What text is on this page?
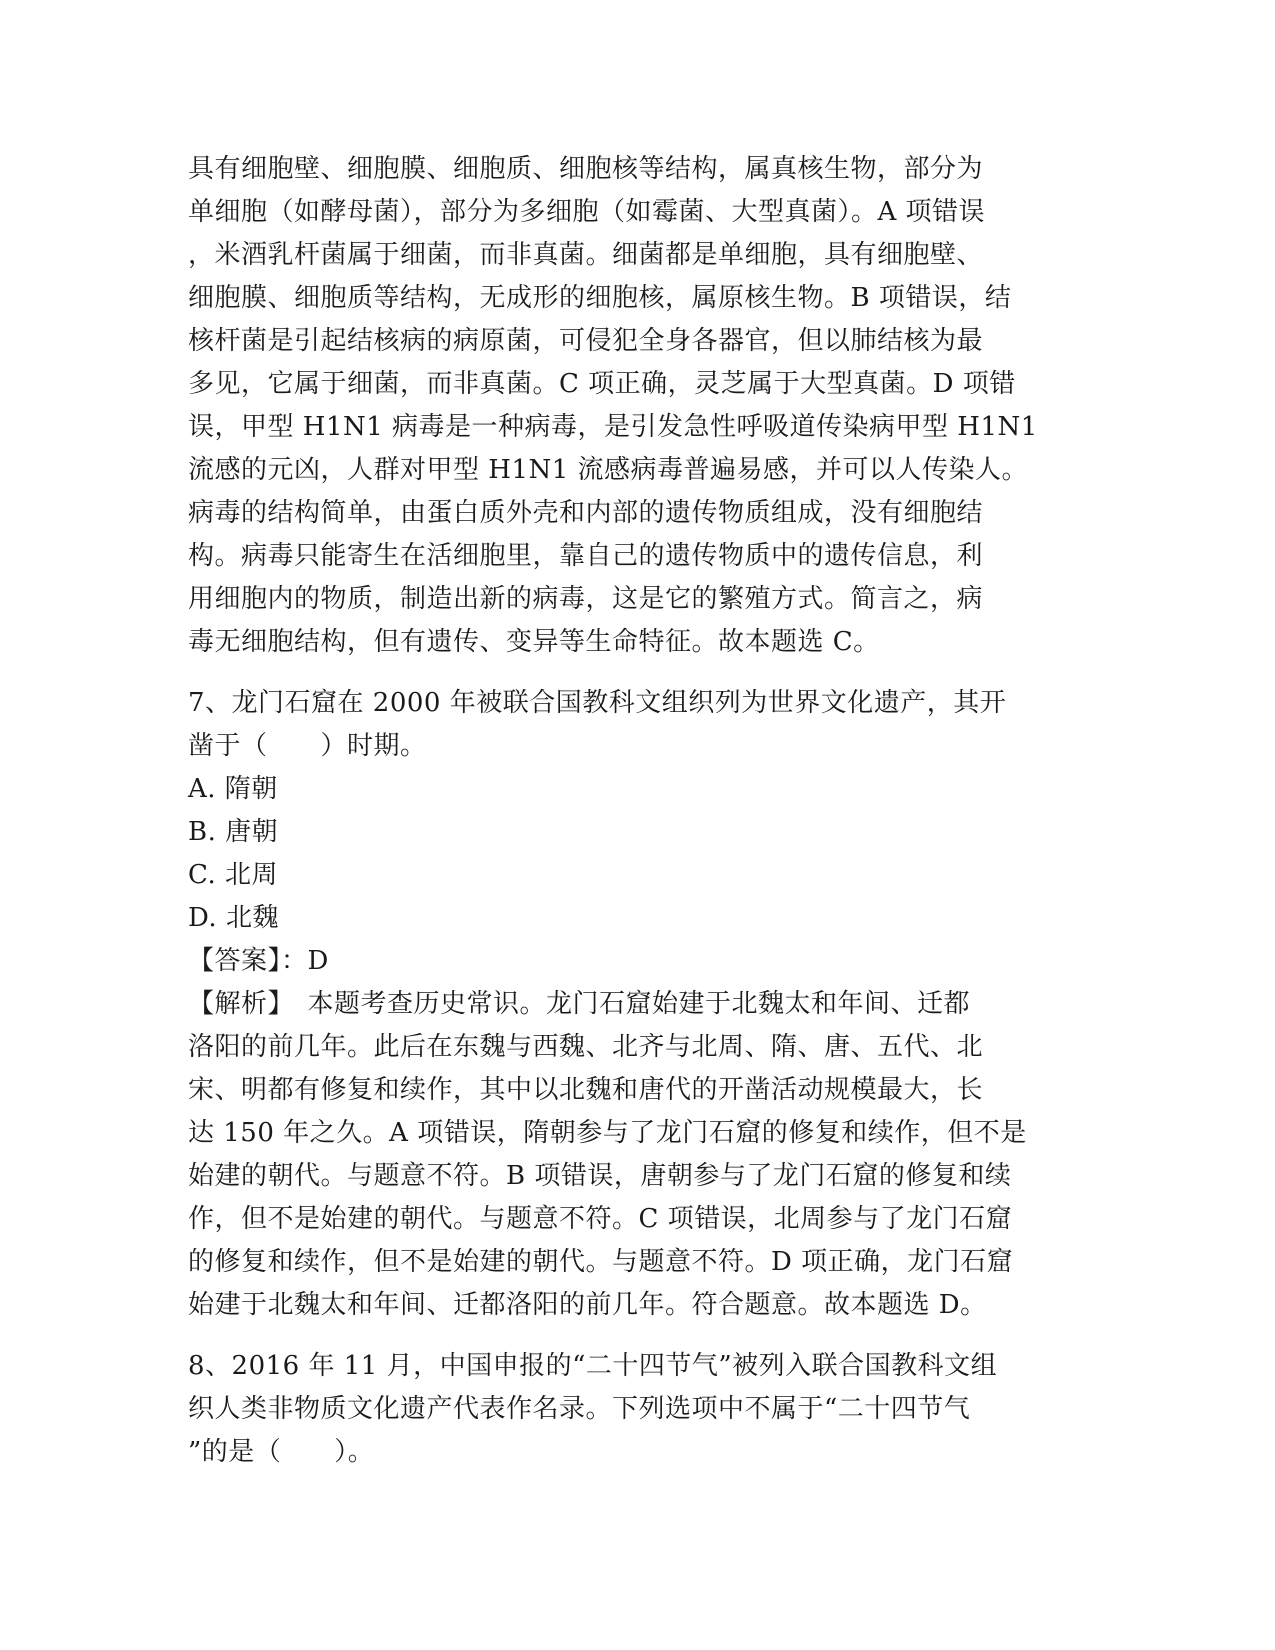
具有细胞壁、细胞膜、细胞质、细胞核等结构，属真核生物，部分为
单细胞（如酵母菌），部分为多细胞（如霉菌、大型真菌）。A 项错误
，米酒乳杆菌属于细菌，而非真菌。细菌都是单细胞，具有细胞壁、
细胞膜、细胞质等结构，无成形的细胞核，属原核生物。B 项错误，结
核杆菌是引起结核病的病原菌，可侵犯全身各器官，但以肺结核为最
多见，它属于细菌，而非真菌。C 项正确，灵芝属于大型真菌。D 项错
误，甲型 H1N1 病毒是一种病毒，是引发急性呼吸道传染病甲型 H1N1
流感的元凶，人群对甲型 H1N1 流感病毒普遍易感，并可以人传染人。
病毒的结构简单，由蛋白质外壳和内部的遗传物质组成，没有细胞结
构。病毒只能寄生在活细胞里，靠自己的遗传物质中的遗传信息，利
用细胞内的物质，制造出新的病毒，这是它的繁殖方式。简言之，病
毒无细胞结构，但有遗传、变异等生命特征。故本题选 C。
7、龙门石窟在 2000 年被联合国教科文组织列为世界文化遗产，其开
凿于（　　）时期。
A. 隋朝
B. 唐朝
C. 北周
D. 北魏
【答案】：D
【解析】　本题考查历史常识。龙门石窟始建于北魏太和年间、迁都
洛阳的前几年。此后在东魏与西魏、北齐与北周、隋、唐、五代、北
宋、明都有修复和续作，其中以北魏和唐代的开凿活动规模最大，长
达 150 年之久。A 项错误，隋朝参与了龙门石窟的修复和续作，但不是
始建的朝代。与题意不符。B 项错误，唐朝参与了龙门石窟的修复和续
作，但不是始建的朝代。与题意不符。C 项错误，北周参与了龙门石窟
的修复和续作，但不是始建的朝代。与题意不符。D 项正确，龙门石窟
始建于北魏太和年间、迁都洛阳的前几年。符合题意。故本题选 D。
8、2016 年 11 月，中国申报的“二十四节气”被列入联合国教科文组
织人类非物质文化遗产代表作名录。下列选项中不属于“二十四节气
”的是（　　）。
